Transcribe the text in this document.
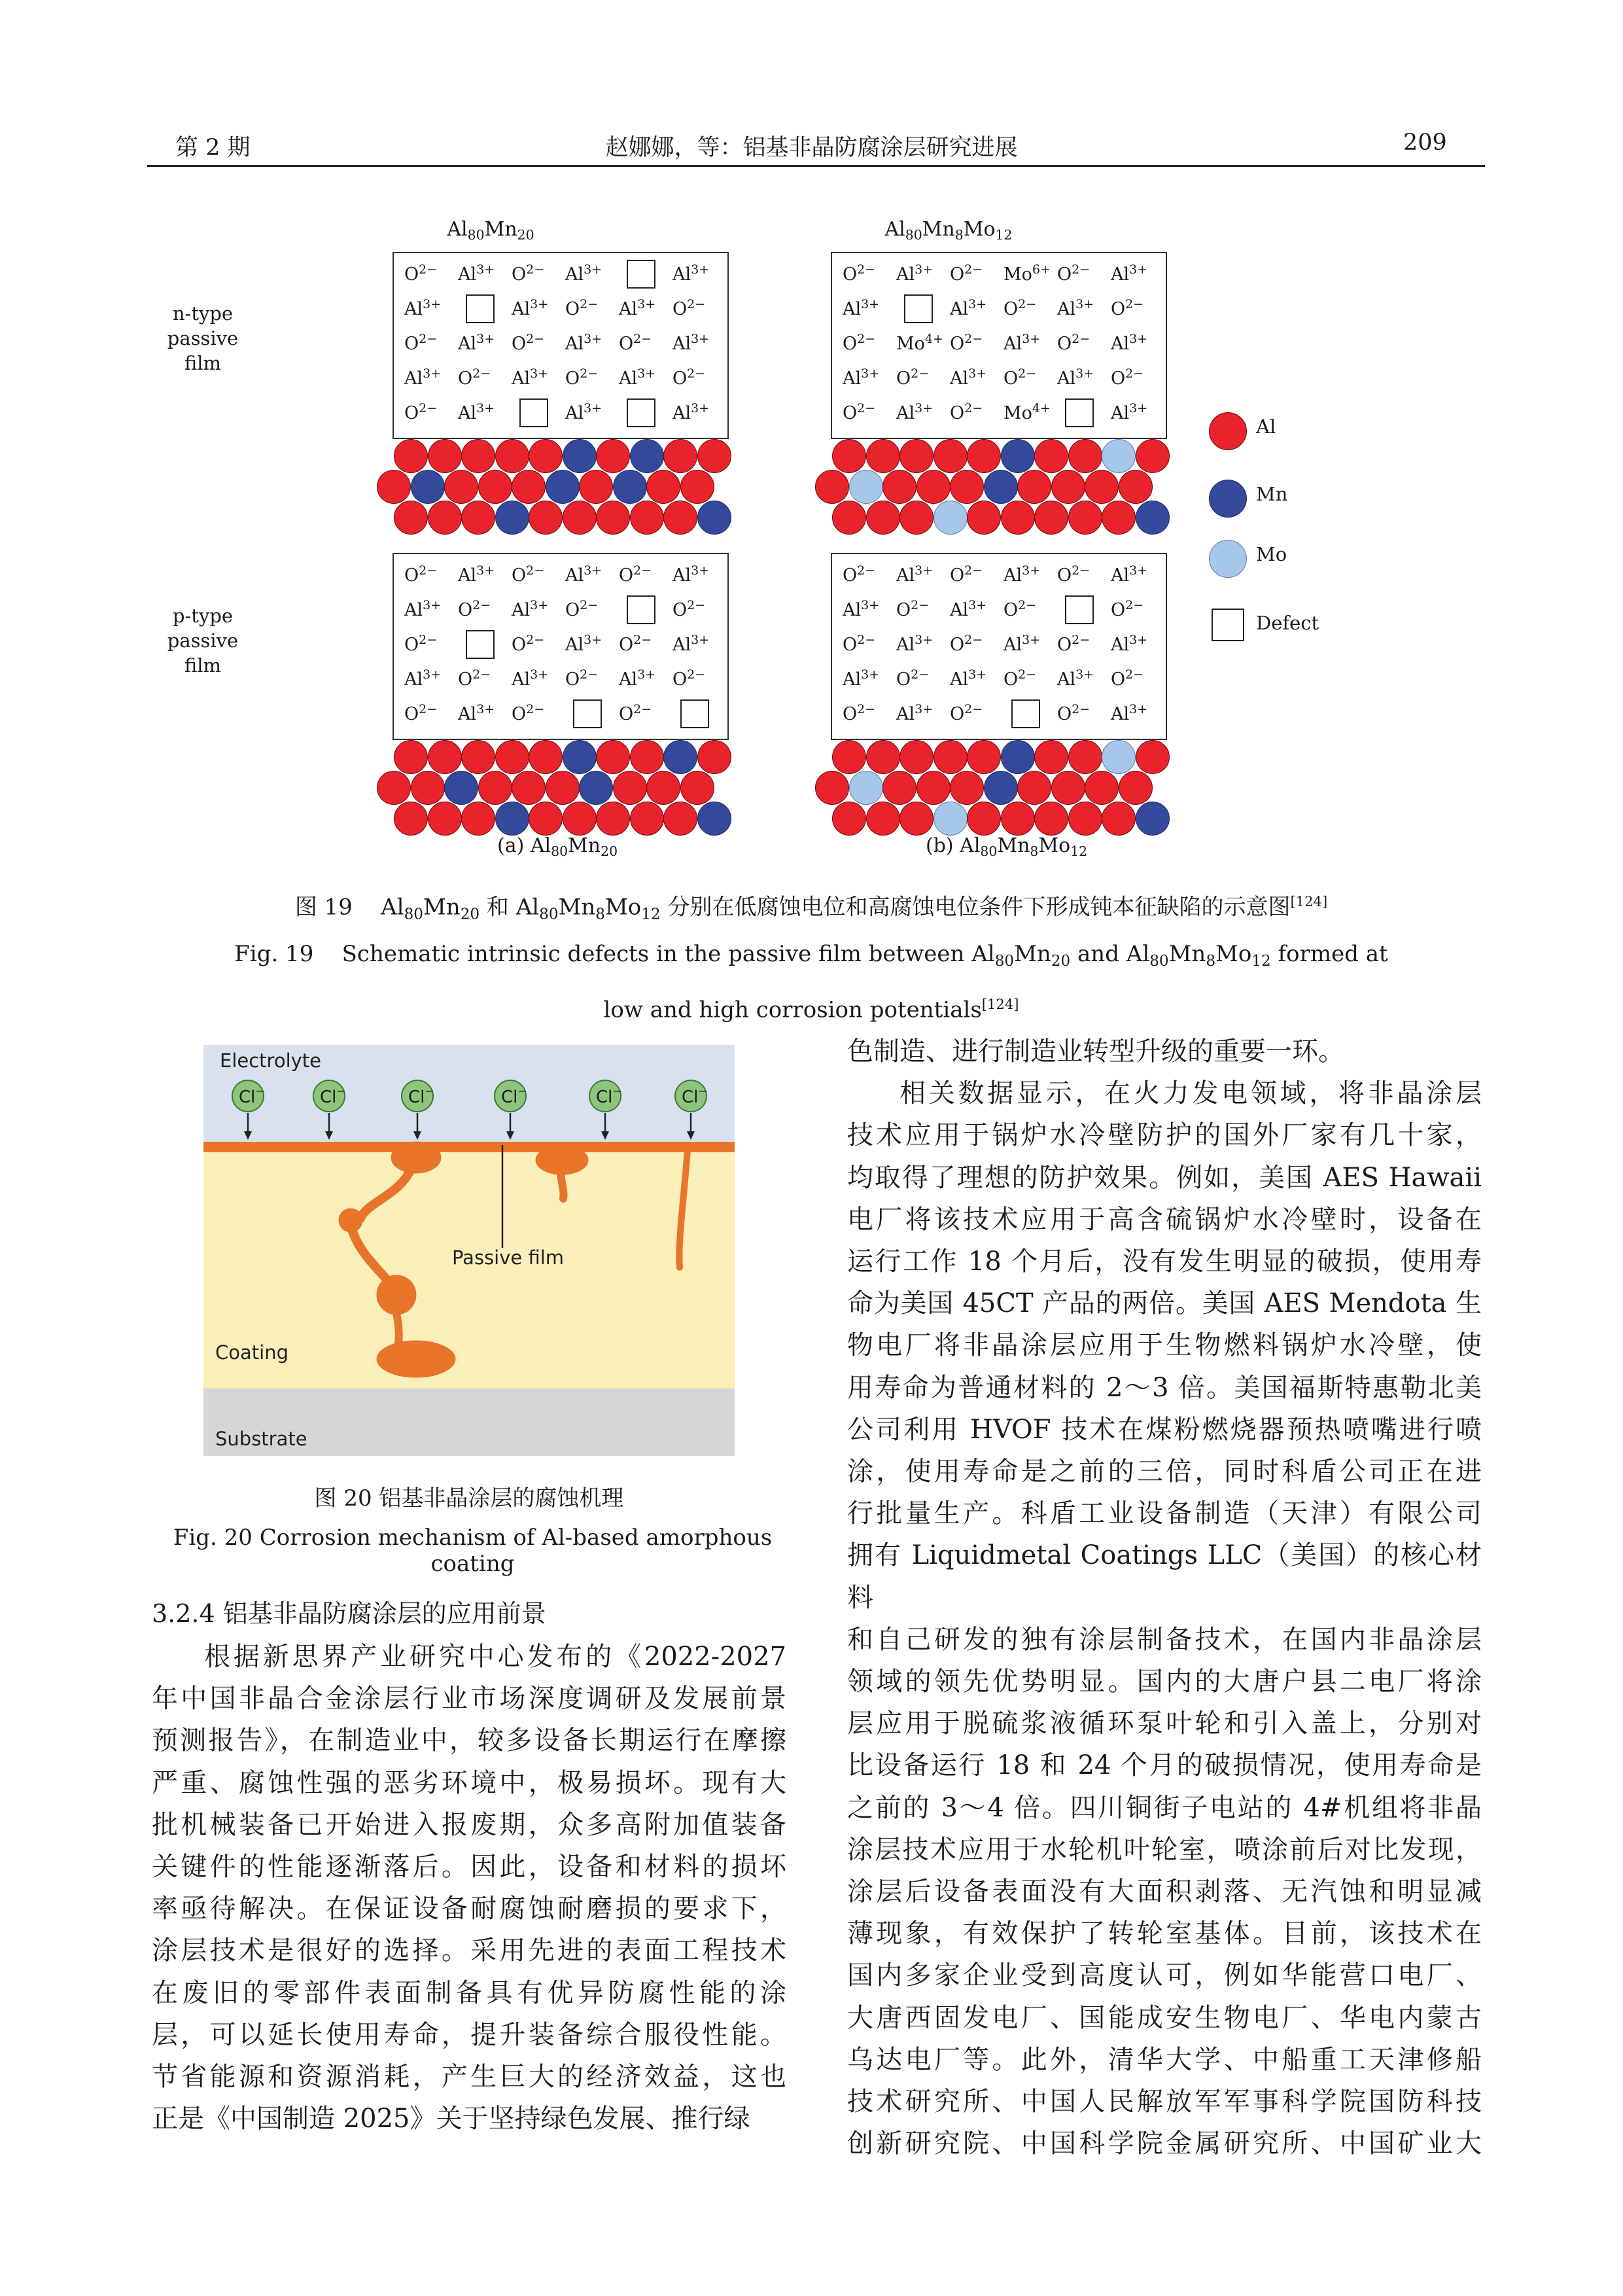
第 2 期	赵娜娜，等：铝基非晶防腐涂层研究进展	209
$Al_{80}Mn_{20}$	$Al_{80}Mn_8Mo_{12}$
n-type
passive
film
p-type
passive
film
$O^{2-}$ $Al^{3+}$ $O^{2-}$ $Al^{3+}$	$Al^{3+}$
$Al^{3+}$	$Al^{3+}$ $O^{2-}$ $Al^{3+}$ $O^{2-}$
$O^{2-}$ $Al^{3+}$ $O^{2-}$ $Al^{3+}$ $O^{2-}$ $Al^{3+}$
$Al^{3+}$ $O^{2-}$ $Al^{3+}$ $O^{2-}$ $Al^{3+}$ $O^{2-}$
$O^{2-}$ $Al^{3+}$	$Al^{3+}$	$Al^{3+}$
$O^{2-}$ $Al^{3+}$ $O^{2-}$ $Mo^{6+}$ $O^{2-}$ $Al^{3+}$
$Al^{3+}$	$Al^{3+}$ $O^{2-}$ $Al^{3+}$ $O^{2-}$
$O^{2-}$ $Mo^{4+}$ $O^{2-}$ $Al^{3+}$ $O^{2-}$ $Al^{3+}$
$Al^{3+}$ $O^{2-}$ $Al^{3+}$ $O^{2-}$ $Al^{3+}$ $O^{2-}$
$O^{2-}$ $Al^{3+}$ $O^{2-}$ $Mo^{4+}$	$Al^{3+}$
$O^{2-}$ $Al^{3+}$ $O^{2-}$ $Al^{3+}$ $O^{2-}$ $Al^{3+}$
$Al^{3+}$ $O^{2-}$ $Al^{3+}$ $O^{2-}$	$O^{2-}$
$O^{2-}$	$O^{2-}$ $Al^{3+}$ $O^{2-}$ $Al^{3+}$
$Al^{3+}$ $O^{2-}$ $Al^{3+}$ $O^{2-}$ $Al^{3+}$ $O^{2-}$
$O^{2-}$ $Al^{3+}$ $O^{2-}$	$O^{2-}$
$O^{2-}$ $Al^{3+}$ $O^{2-}$ $Al^{3+}$ $O^{2-}$ $Al^{3+}$
$Al^{3+}$ $O^{2-}$ $Al^{3+}$ $O^{2-}$	$O^{2-}$
$O^{2-}$ $Al^{3+}$ $O^{2-}$ $Al^{3+}$ $O^{2-}$ $Al^{3+}$
$Al^{3+}$ $O^{2-}$ $Al^{3+}$ $O^{2-}$ $Al^{3+}$ $O^{2-}$
$O^{2-}$ $Al^{3+}$ $O^{2-}$	$O^{2-}$ $Al^{3+}$
Al
Mn
Mo
Defect
(a) $Al_{80}Mn_{20}$	(b) $Al_{80}Mn_8Mo_{12}$
图 19    $Al_{80}Mn_{20}$ 和 $Al_{80}Mn_8Mo_{12}$ 分别在低腐蚀电位和高腐蚀电位条件下形成钝本征缺陷的示意图[124]
Fig. 19    Schematic intrinsic defects in the passive film between $Al_{80}Mn_{20}$ and $Al_{80}Mn_8Mo_{12}$ formed at
low and high corrosion potentials[124]
Cl−	Cl−	Cl−	Cl−	Cl−	Cl−
Electrolyte
Passive film
Coating
Substrate
图 20 铝基非晶涂层的腐蚀机理
Fig. 20 Corrosion mechanism of Al-based amorphous coating
3.2.4 铝基非晶防腐涂层的应用前景

根据新思界产业研究中心发布的《2022-2027
年中国非晶合金涂层行业市场深度调研及发展前景
预测报告》，在制造业中，较多设备长期运行在摩擦
严重、腐蚀性强的恶劣环境中，极易损坏。现有大
批机械装备已开始进入报废期，众多高附加值装备
关键件的性能逐渐落后。因此，设备和材料的损坏
率亟待解决。在保证设备耐腐蚀耐磨损的要求下，
涂层技术是很好的选择。采用先进的表面工程技术
在废旧的零部件表面制备具有优异防腐性能的涂
层，可以延长使用寿命，提升装备综合服役性能。
节省能源和资源消耗，产生巨大的经济效益，这也
正是《中国制造 2025》关于坚持绿色发展、推行绿

色制造、进行制造业转型升级的重要一环。
相关数据显示，在火力发电领域，将非晶涂层
技术应用于锅炉水冷壁防护的国外厂家有几十家，
均取得了理想的防护效果。例如，美国 AES Hawaii
电厂将该技术应用于高含硫锅炉水冷壁时，设备在
运行工作 18 个月后，没有发生明显的破损，使用寿
命为美国 45CT 产品的两倍。美国 AES Mendota 生
物电厂将非晶涂层应用于生物燃料锅炉水冷壁，使
用寿命为普通材料的 2～3 倍。美国福斯特惠勒北美
公司利用 HVOF 技术在煤粉燃烧器预热喷嘴进行喷
涂，使用寿命是之前的三倍，同时科盾公司正在进
行批量生产。科盾工业设备制造（天津）有限公司
拥有 Liquidmetal Coatings LLC（美国）的核心材料
和自己研发的独有涂层制备技术，在国内非晶涂层
领域的领先优势明显。国内的大唐户县二电厂将涂
层应用于脱硫浆液循环泵叶轮和引入盖上，分别对
比设备运行 18 和 24 个月的破损情况，使用寿命是
之前的 3～4 倍。四川铜街子电站的 4#机组将非晶
涂层技术应用于水轮机叶轮室，喷涂前后对比发现，
涂层后设备表面没有大面积剥落、无汽蚀和明显减
薄现象，有效保护了转轮室基体。目前，该技术在
国内多家企业受到高度认可，例如华能营口电厂、
大唐西固发电厂、国能成安生物电厂、华电内蒙古
乌达电厂等。此外，清华大学、中船重工天津修船
技术研究所、中国人民解放军军事科学院国防科技
创新研究院、中国科学院金属研究所、中国矿业大
